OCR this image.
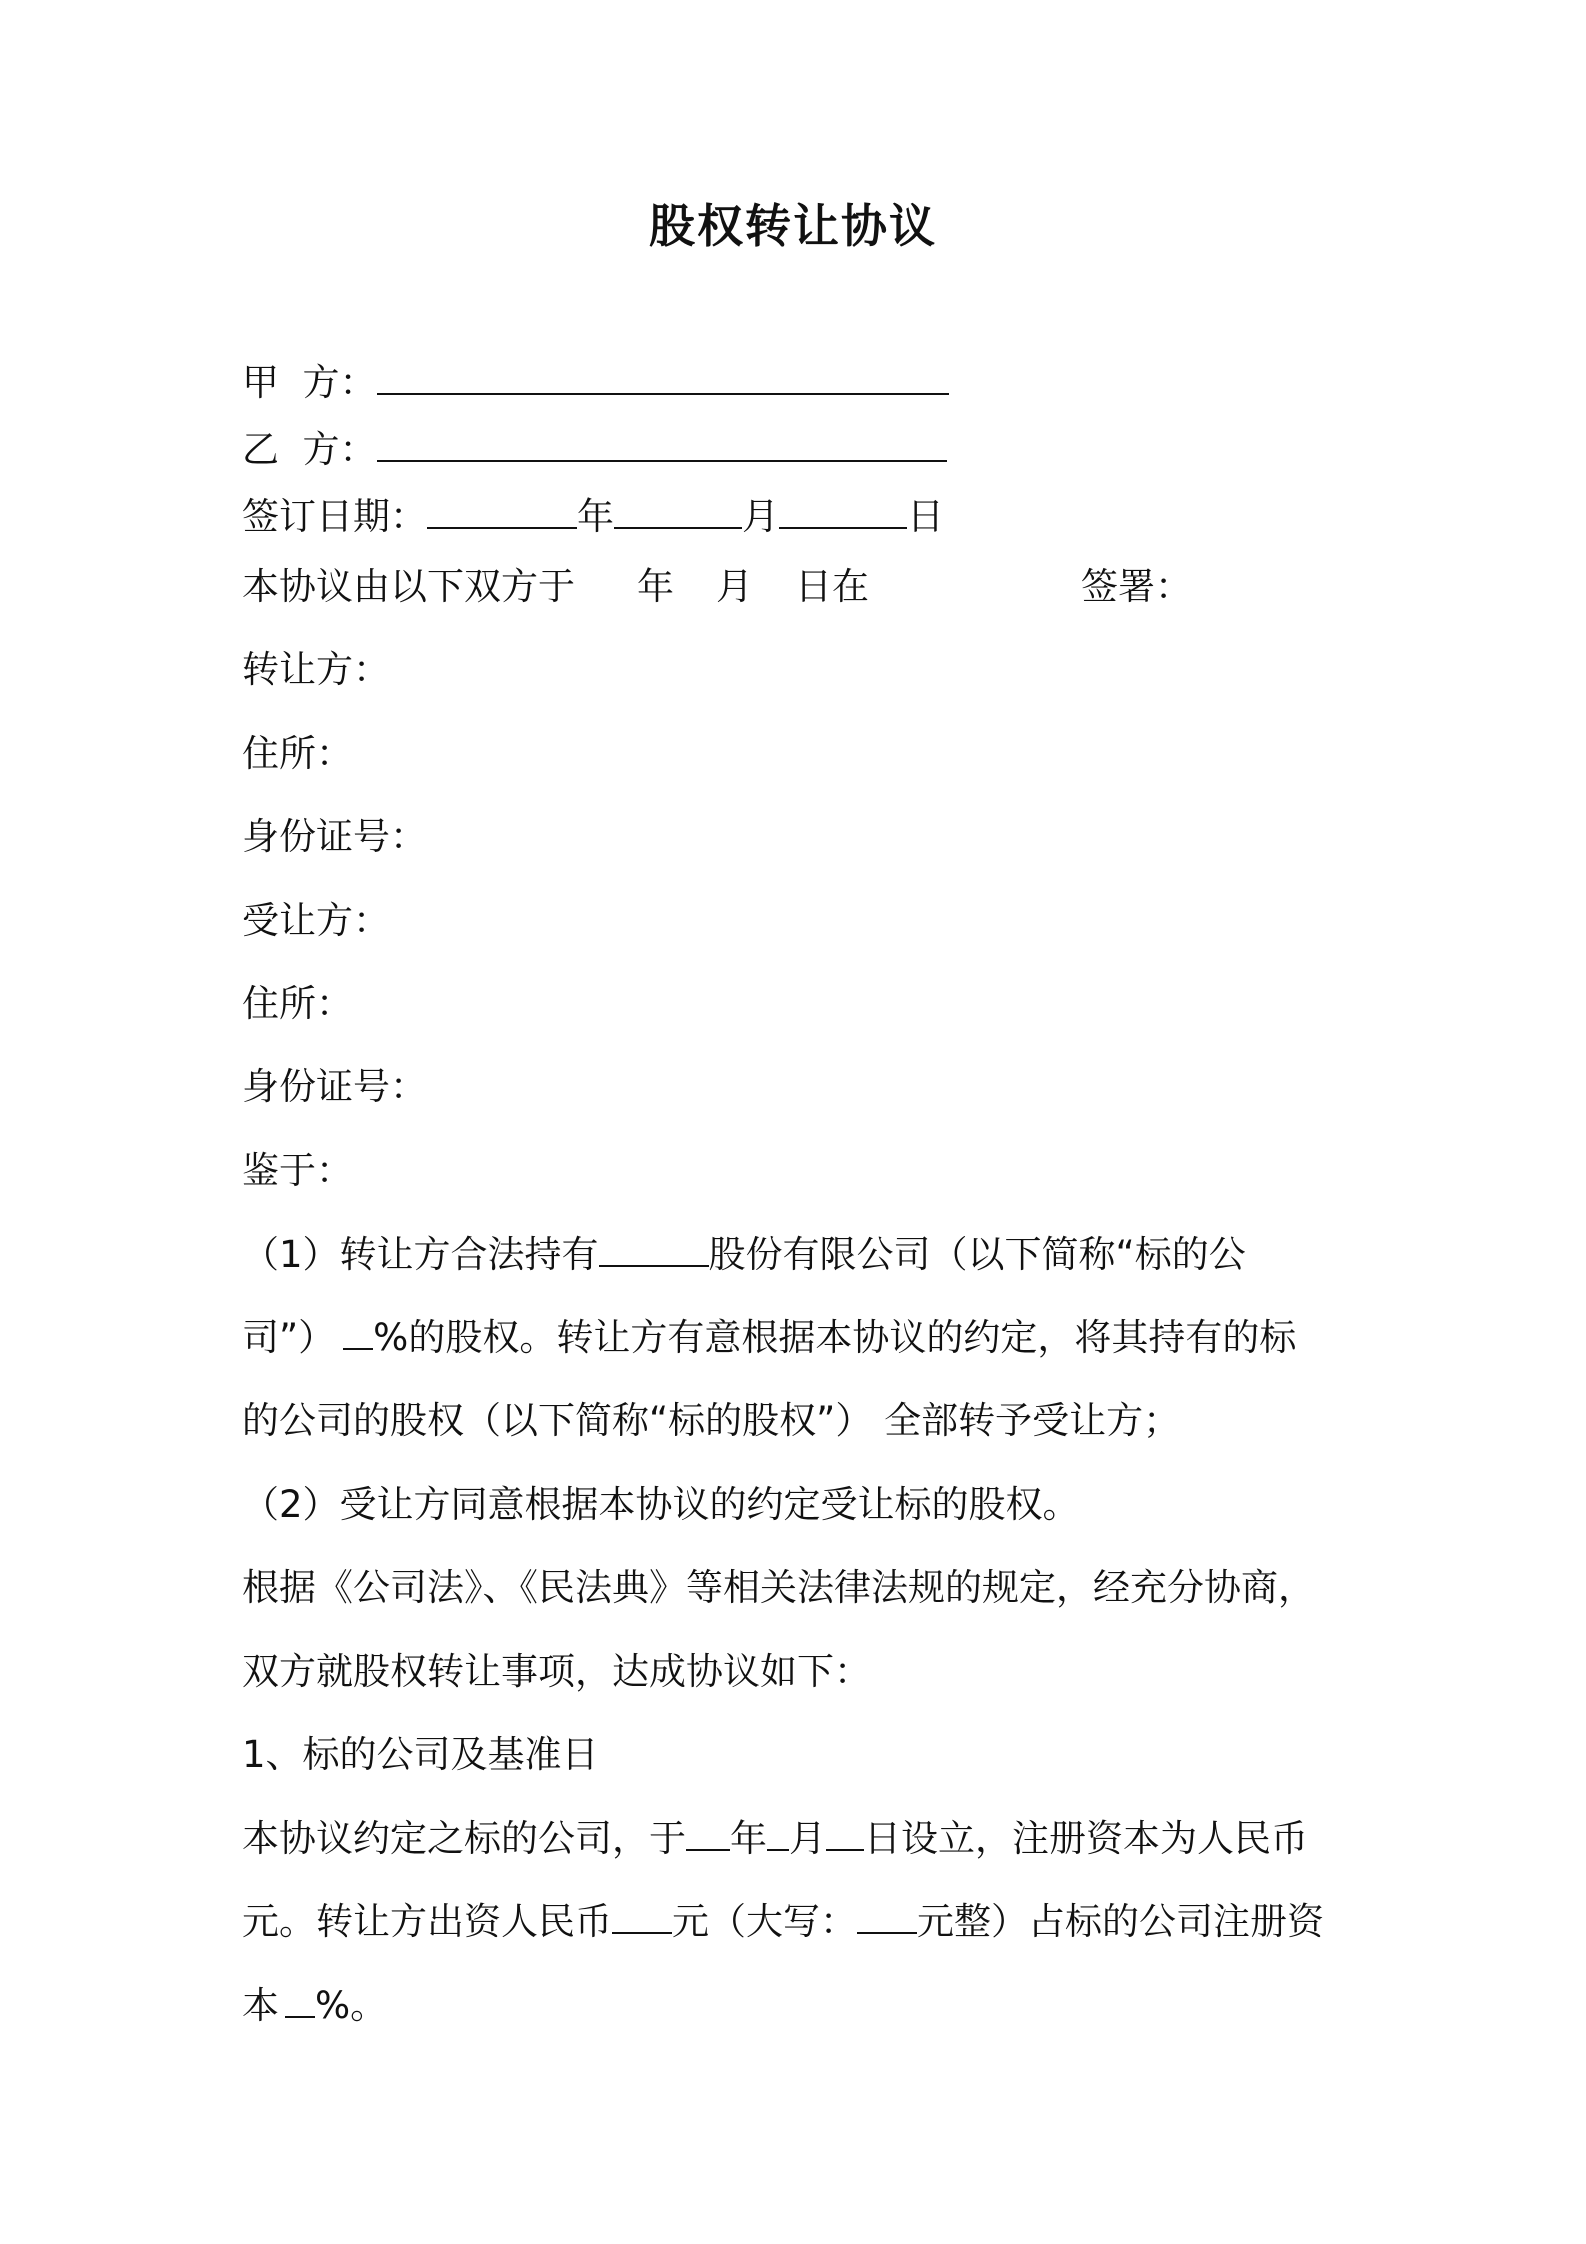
股权转让协议
甲  方：
乙  方：
签订日期：	年	月	日
本协议由以下双方于 年 月 日在	签署：
转让方：
住所：
身份证号：
受让方：
住所：
身份证号：
鉴于：
（1）转让方合法持有	股份有限公司（以下简称“标的公
司”） %的股权。转让方有意根据本协议的约定，将其持有的标
的公司的股权（以下简称“标的股权”） 全部转予受让方；
（2）受让方同意根据本协议的约定受让标的股权。
根据《公司法》、《民法典》等相关法律法规的规定，经充分协商，
双方就股权转让事项，达成协议如下：
1、标的公司及基准日
本协议约定之标的公司，于 年 月 日设立，注册资本为人民币
元。转让方出资人民币 元（大写： 元整）占标的公司注册资
本 %。
